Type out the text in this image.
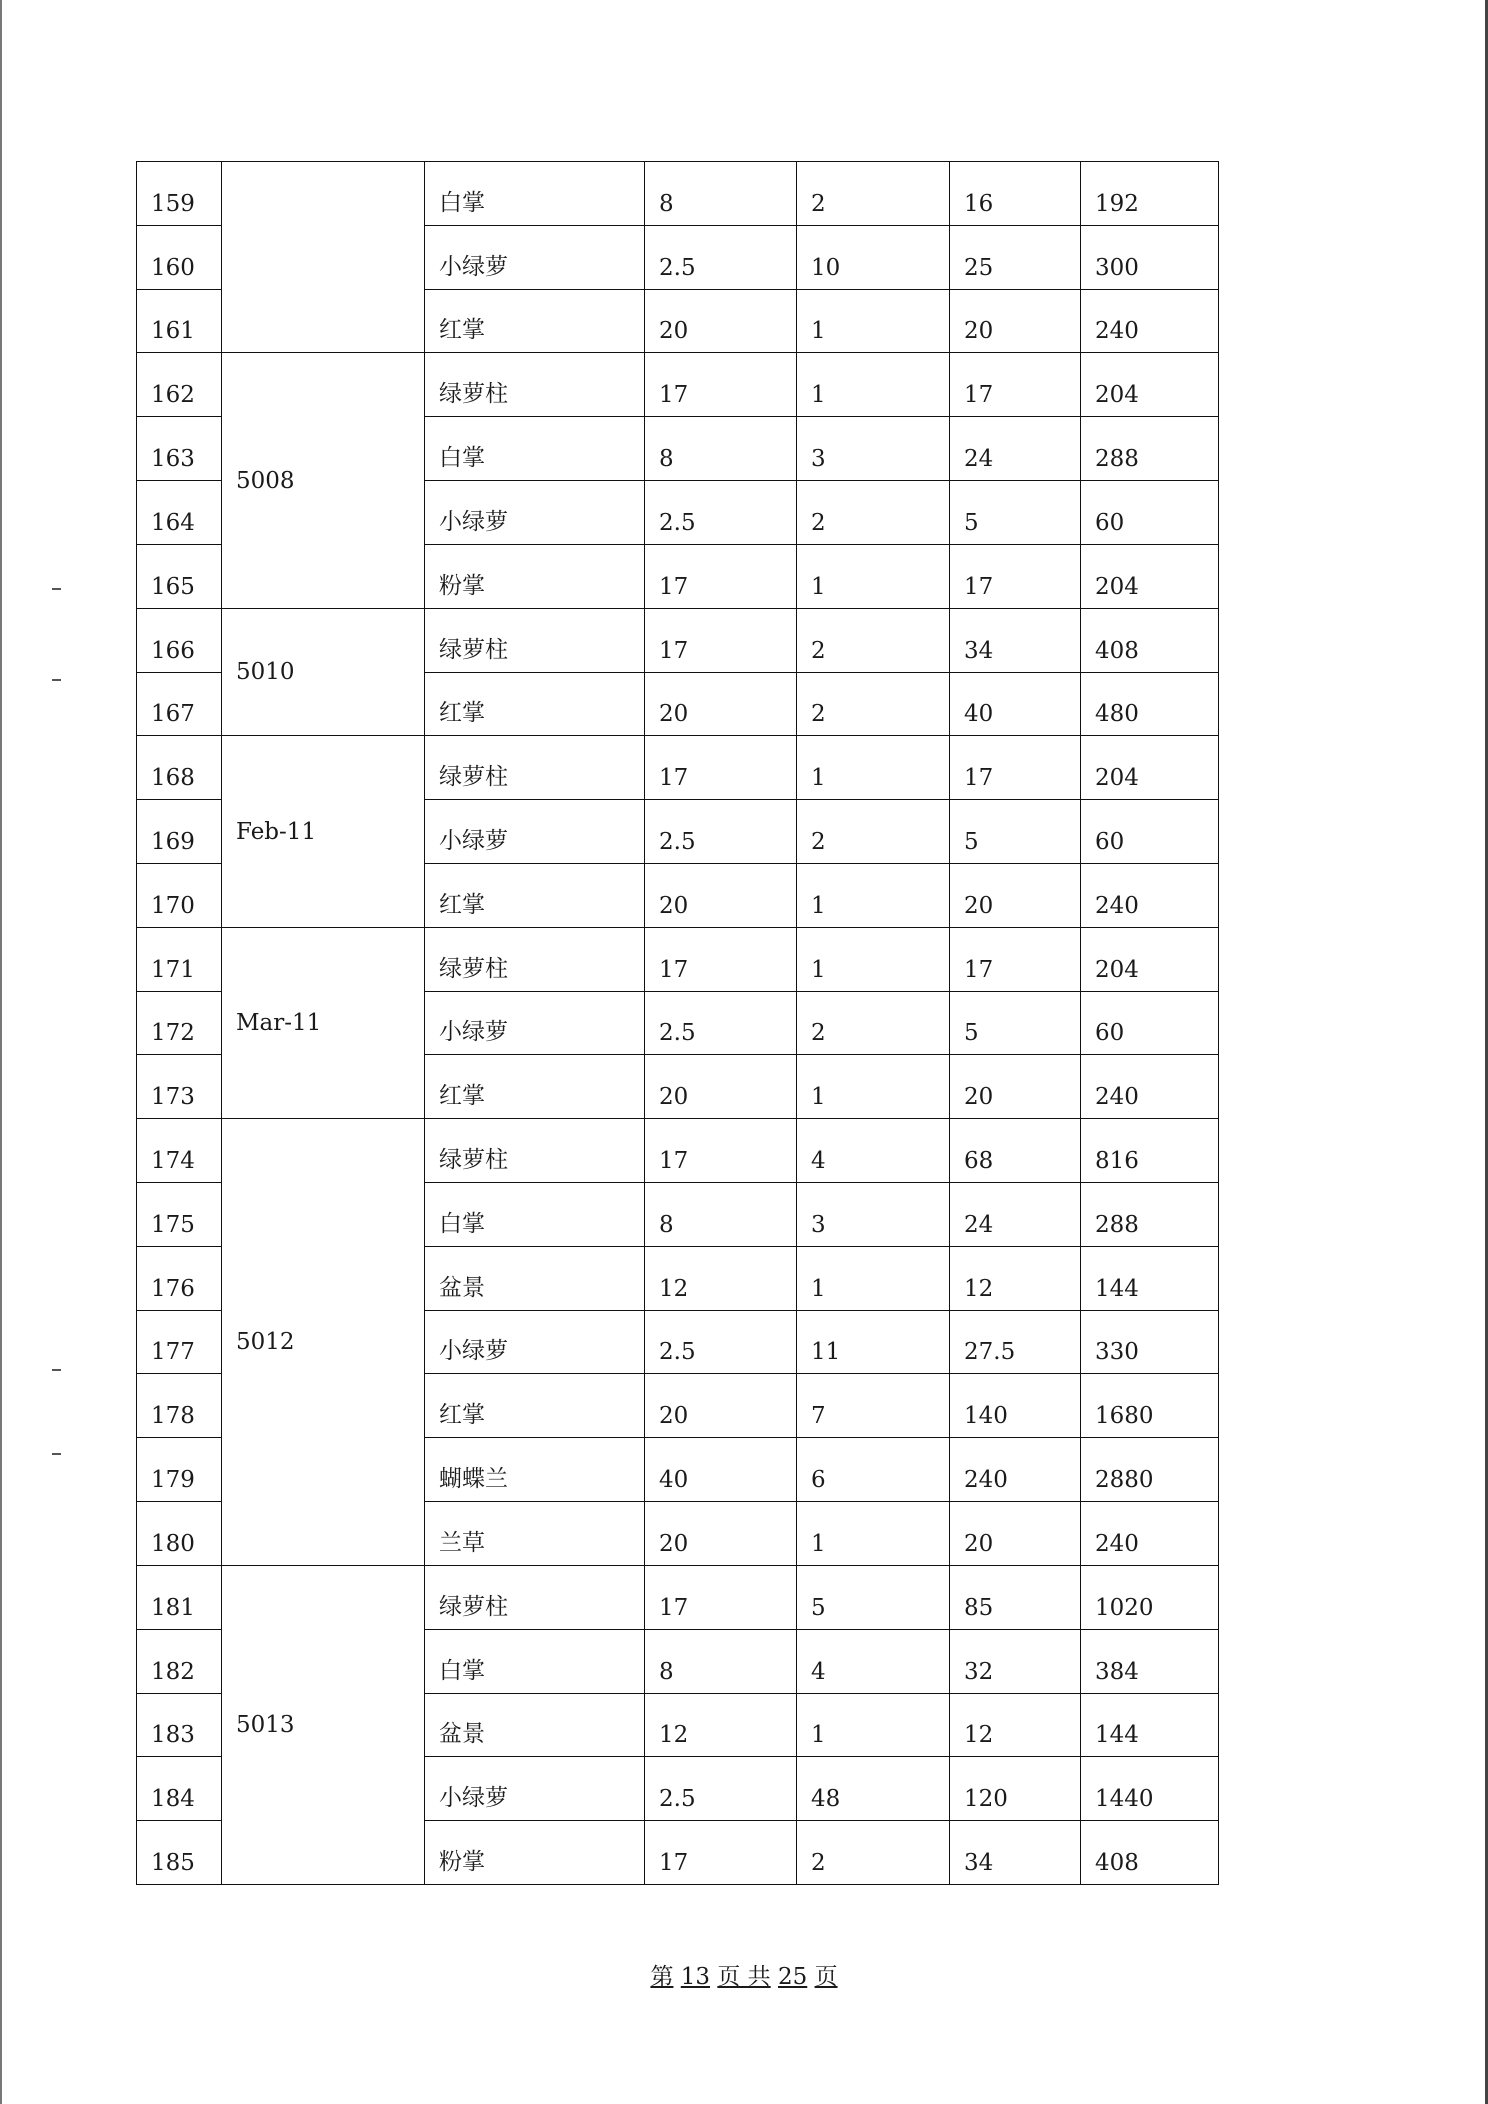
159		白掌	8	2	16	192
160		小绿萝	2.5	10	25	300
161		红掌	20	1	20	240
162	5008	绿萝柱	17	1	17	204
163		白掌	8	3	24	288
164		小绿萝	2.5	2	5	60
165		粉掌	17	1	17	204
166	5010	绿萝柱	17	2	34	408
167		红掌	20	2	40	480
168	Feb-11	绿萝柱	17	1	17	204
169		小绿萝	2.5	2	5	60
170		红掌	20	1	20	240
171	Mar-11	绿萝柱	17	1	17	204
172		小绿萝	2.5	2	5	60
173		红掌	20	1	20	240
174	5012	绿萝柱	17	4	68	816
175		白掌	8	3	24	288
176		盆景	12	1	12	144
177		小绿萝	2.5	11	27.5	330
178		红掌	20	7	140	1680
179		蝴蝶兰	40	6	240	2880
180		兰草	20	1	20	240
181	5013	绿萝柱	17	5	85	1020
182		白掌	8	4	32	384
183		盆景	12	1	12	144
184		小绿萝	2.5	48	120	1440
185		粉掌	17	2	34	408
第 13 页 共 25 页
